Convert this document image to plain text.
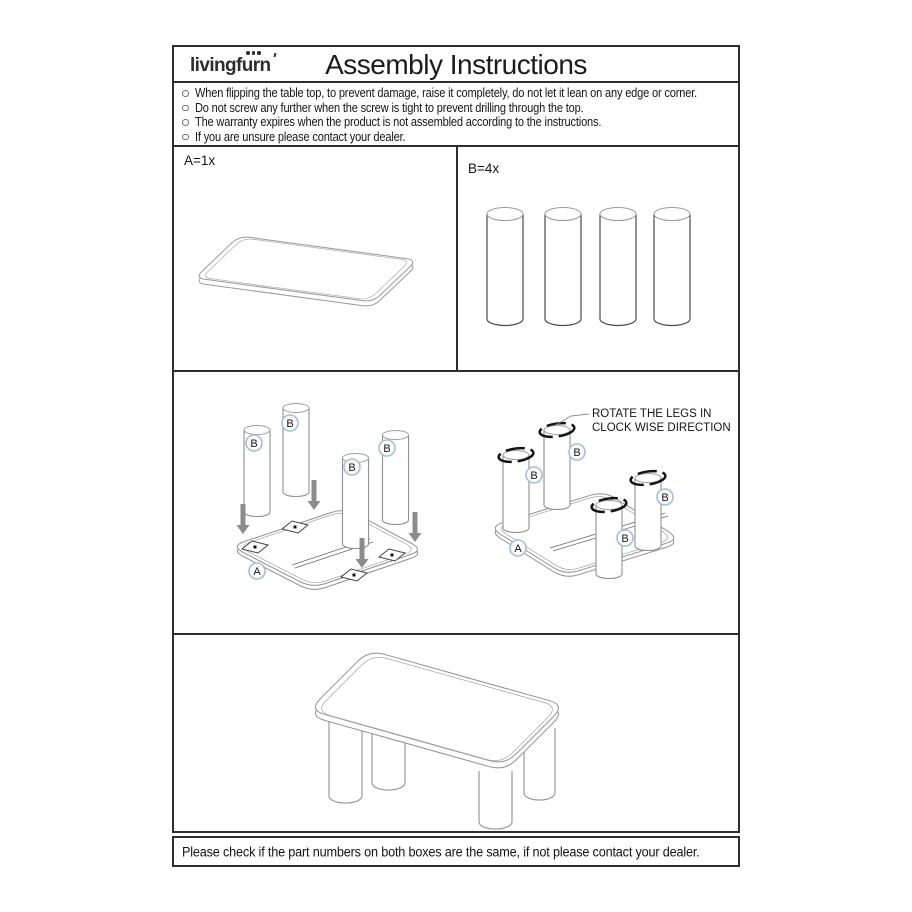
livingfurn Assembly Instructions
When flipping the table top, to prevent damage, raise it completely, do not let it lean on any edge or corner.
Do not screw any further when the screw is tight to prevent drilling through the top.
The warranty expires when the product is not assembled according to the instructions.
If you are unsure please contact your dealer.
A=1x
B=4x
B
B
B
B
A
B
B
B
B
A
ROTATE THE LEGS IN
CLOCK WISE DIRECTION
Please check if the part numbers on both boxes are the same, if not please contact your dealer.
